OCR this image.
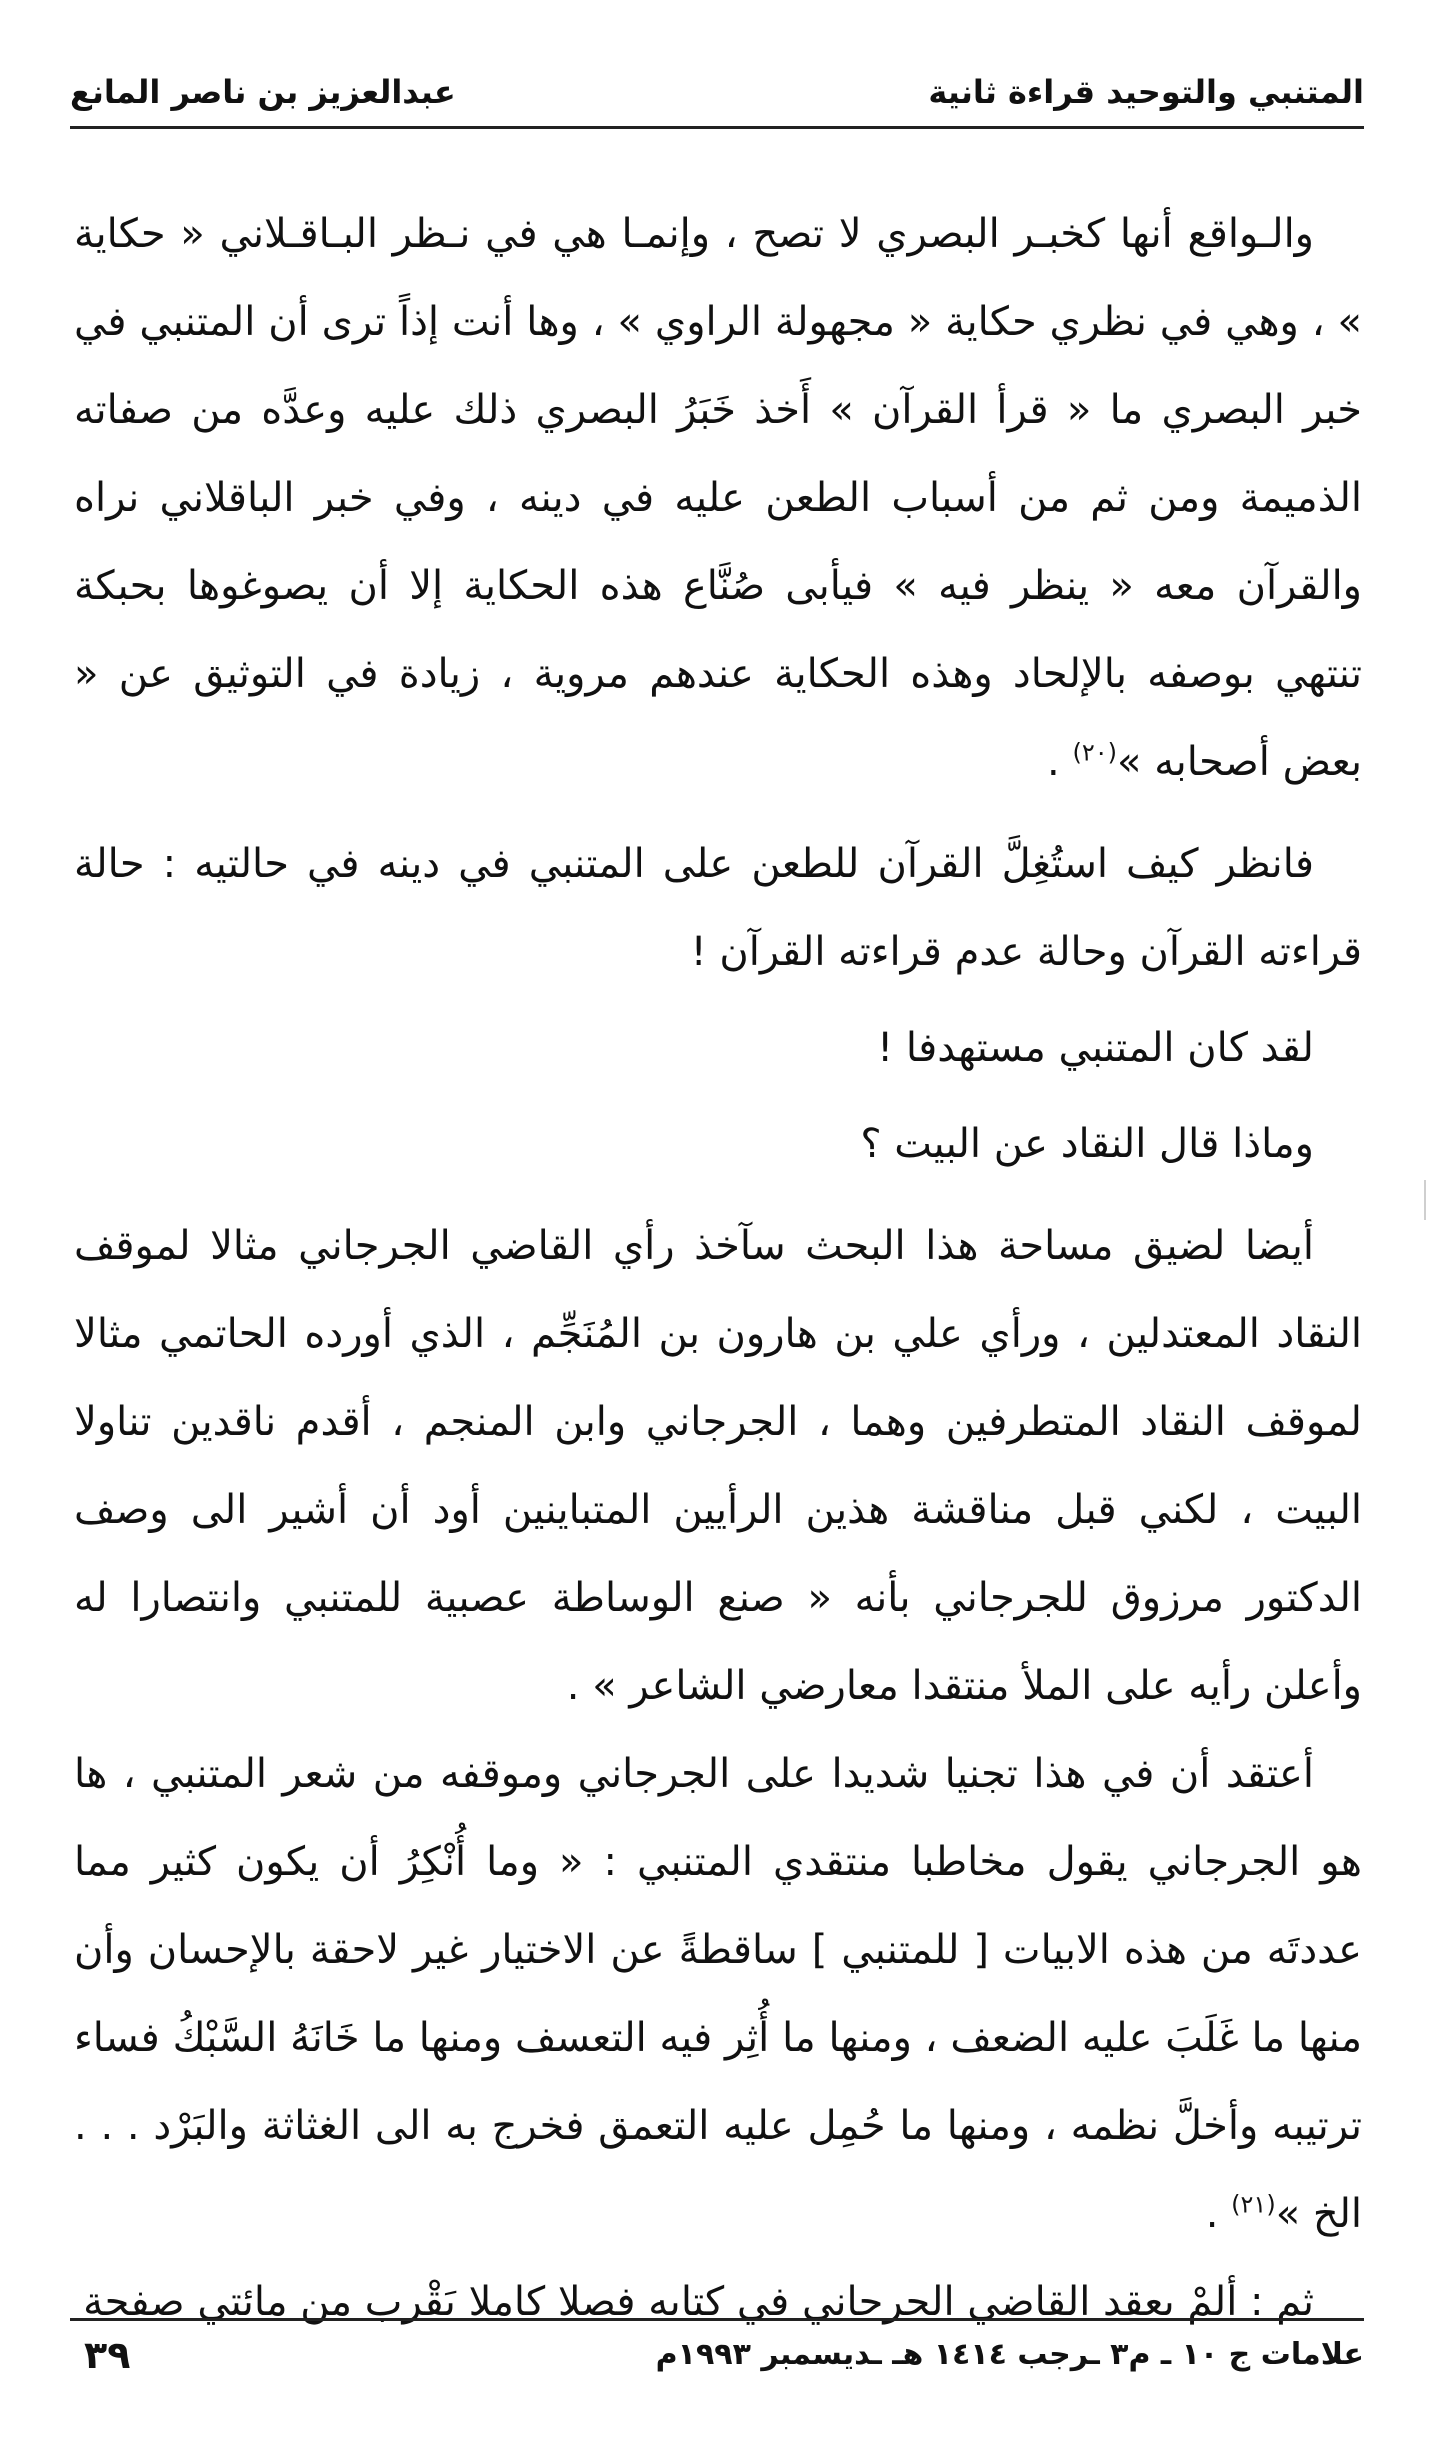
المتنبي والتوحيد قراءة ثانية
عبدالعزيز بن ناصر المانع

والـواقع أنها كخبـر البصري لا تصح ، وإنمـا هي في نـظر البـاقـلاني « حكاية » ، وهي في نظري حكاية « مجهولة الراوي » ، وها أنت إذاً ترى أن المتنبي في خبر البصري ما « قرأ القرآن » أَخذ خَبَرُ البصري ذلك عليه وعدَّه من صفاته الذميمة ومن ثم من أسباب الطعن عليه في دينه ، وفي خبر الباقلاني نراه والقرآن معه « ينظر فيه » فيأبى صُنَّاع هذه الحكاية إلا أن يصوغوها بحبكة تنتهي بوصفه بالإلحاد وهذه الحكاية عندهم مروية ، زيادة في التوثيق عن « بعض أصحابه »$^{(٢٠)}$ .

فانظر كيف استُغِلَّ القرآن للطعن على المتنبي في دينه في حالتيه : حالة قراءته القرآن وحالة عدم قراءته القرآن !

لقد كان المتنبي مستهدفا !

وماذا قال النقاد عن البيت ؟

أيضا لضيق مساحة هذا البحث سآخذ رأي القاضي الجرجاني مثالا لموقف النقاد المعتدلين ، ورأي علي بن هارون بن المُنَجِّم ، الذي أورده الحاتمي مثالا لموقف النقاد المتطرفين وهما ، الجرجاني وابن المنجم ، أقدم ناقدين تناولا البيت ، لكني قبل مناقشة هذين الرأيين المتباينين أود أن أشير الى وصف الدكتور مرزوق للجرجاني بأنه « صنع الوساطة عصبية للمتنبي وانتصارا له وأعلن رأيه على الملأ منتقدا معارضي الشاعر » .

أعتقد أن في هذا تجنيا شديدا على الجرجاني وموقفه من شعر المتنبي ، ها هو الجرجاني يقول مخاطبا منتقدي المتنبي : « وما أُنْكِرُ أن يكون كثير مما عددتَه من هذه الابيات [ للمتنبي ] ساقطةً عن الاختيار غير لاحقة بالإحسان وأن منها ما غَلَبَ عليه الضعف ، ومنها ما أُثِر فيه التعسف ومنها ما خَانَهُ السَّبْكُ فساء ترتيبه وأخلَّ نظمه ، ومنها ما حُمِل عليه التعمق فخرج به الى الغثاثة والبَرْد . . . الخ »$^{(٢١)}$ .

ثم : ألمْ يعقد القاضي الجرجاني في كتابه فصلا كاملا يَقْرب من مائتي صفحة

علامات ج ١٠ ـ م٣ ـرجب ١٤١٤ هـ ـديسمبر ١٩٩٣م
٣٩
